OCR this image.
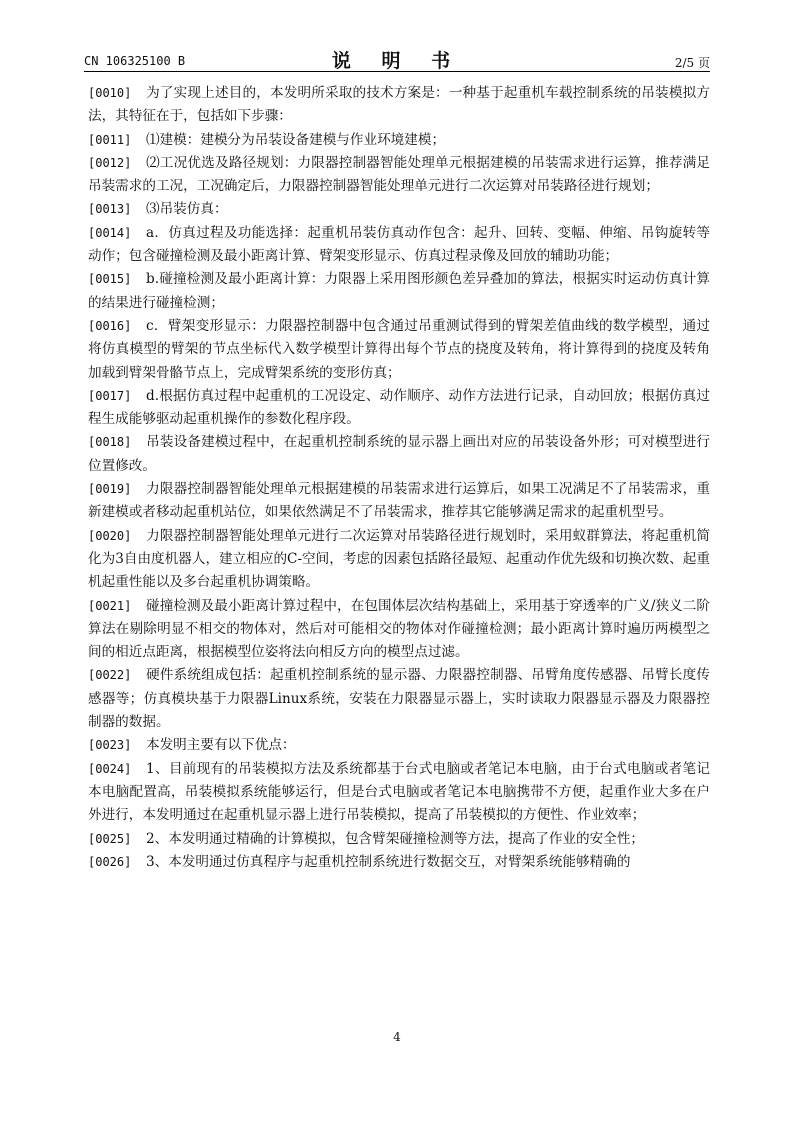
CN 106325100 B	说 明 书	2/5 页

[0010] 为了实现上述目的，本发明所采取的技术方案是：一种基于起重机车载控制系统的吊装模拟方法，其特征在于，包括如下步骤：

[0011] ⑴建模：建模分为吊装设备建模与作业环境建模；

[0012] ⑵工况优选及路径规划：力限器控制器智能处理单元根据建模的吊装需求进行运算，推荐满足吊装需求的工况，工况确定后，力限器控制器智能处理单元进行二次运算对吊装路径进行规划；

[0013] ⑶吊装仿真：

[0014] a．仿真过程及功能选择：起重机吊装仿真动作包含：起升、回转、变幅、伸缩、吊钩旋转等动作；包含碰撞检测及最小距离计算、臂架变形显示、仿真过程录像及回放的辅助功能；

[0015] b.碰撞检测及最小距离计算：力限器上采用图形颜色差异叠加的算法，根据实时运动仿真计算的结果进行碰撞检测；

[0016] c．臂架变形显示：力限器控制器中包含通过吊重测试得到的臂架差值曲线的数学模型，通过将仿真模型的臂架的节点坐标代入数学模型计算得出每个节点的挠度及转角，将计算得到的挠度及转角加载到臂架骨骼节点上，完成臂架系统的变形仿真；

[0017] d.根据仿真过程中起重机的工况设定、动作顺序、动作方法进行记录，自动回放；根据仿真过程生成能够驱动起重机操作的参数化程序段。

[0018] 吊装设备建模过程中，在起重机控制系统的显示器上画出对应的吊装设备外形；可对模型进行位置修改。

[0019] 力限器控制器智能处理单元根据建模的吊装需求进行运算后，如果工况满足不了吊装需求，重新建模或者移动起重机站位，如果依然满足不了吊装需求，推荐其它能够满足需求的起重机型号。

[0020] 力限器控制器智能处理单元进行二次运算对吊装路径进行规划时，采用蚁群算法，将起重机简化为3自由度机器人，建立相应的C-空间，考虑的因素包括路径最短、起重动作优先级和切换次数、起重机起重性能以及多台起重机协调策略。

[0021] 碰撞检测及最小距离计算过程中，在包围体层次结构基础上，采用基于穿透率的广义/狭义二阶算法在剔除明显不相交的物体对，然后对可能相交的物体对作碰撞检测；最小距离计算时遍历两模型之间的相近点距离，根据模型位姿将法向相反方向的模型点过滤。

[0022] 硬件系统组成包括：起重机控制系统的显示器、力限器控制器、吊臂角度传感器、吊臂长度传感器等；仿真模块基于力限器Linux系统，安装在力限器显示器上，实时读取力限器显示器及力限器控制器的数据。

[0023] 本发明主要有以下优点：

[0024] 1、目前现有的吊装模拟方法及系统都基于台式电脑或者笔记本电脑，由于台式电脑或者笔记本电脑配置高，吊装模拟系统能够运行，但是台式电脑或者笔记本电脑携带不方便，起重作业大多在户外进行，本发明通过在起重机显示器上进行吊装模拟，提高了吊装模拟的方便性、作业效率；

[0025] 2、本发明通过精确的计算模拟，包含臂架碰撞检测等方法，提高了作业的安全性；

[0026] 3、本发明通过仿真程序与起重机控制系统进行数据交互，对臂架系统能够精确的

4
